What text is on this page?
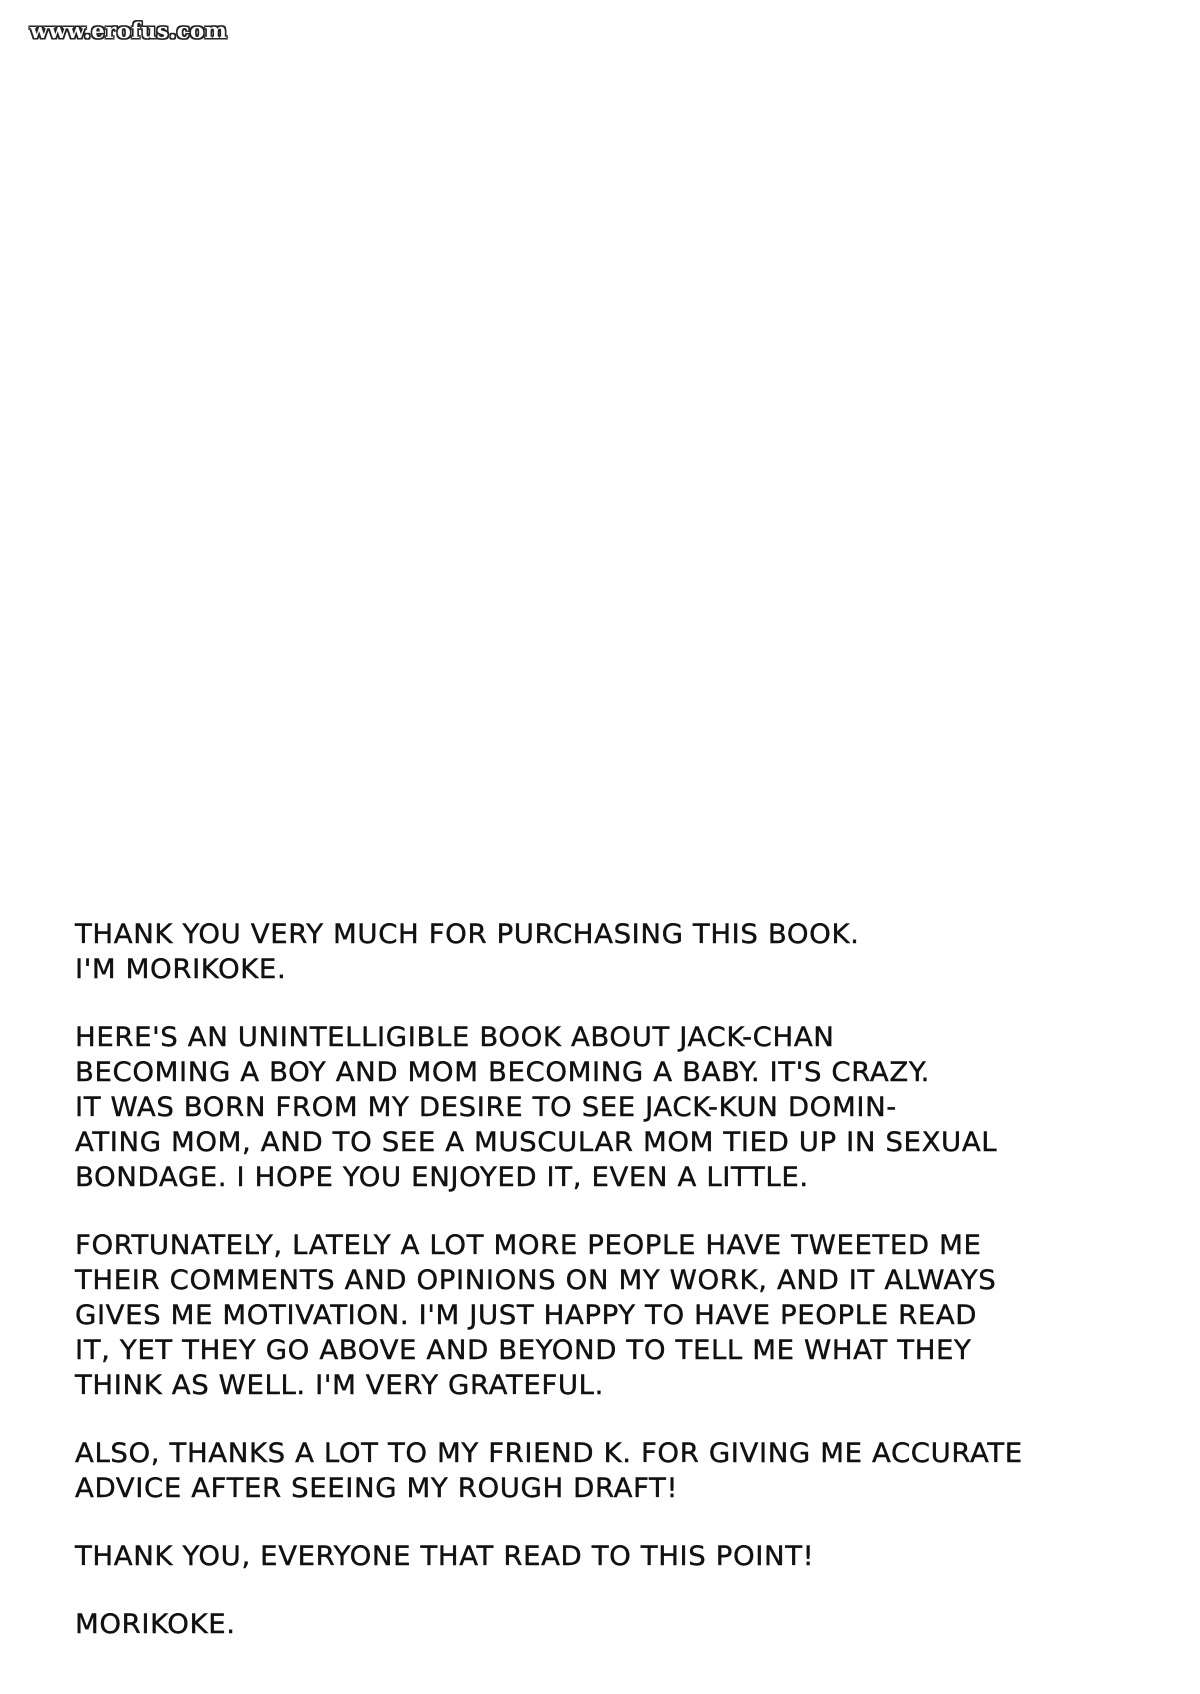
www.erofus.com
THANK YOU VERY MUCH FOR PURCHASING THIS BOOK.
I'M MORIKOKE.
HERE'S AN UNINTELLIGIBLE BOOK ABOUT JACK-CHAN
BECOMING A BOY AND MOM BECOMING A BABY. IT'S CRAZY.
IT WAS BORN FROM MY DESIRE TO SEE JACK-KUN DOMIN-
ATING MOM, AND TO SEE A MUSCULAR MOM TIED UP IN SEXUAL
BONDAGE. I HOPE YOU ENJOYED IT, EVEN A LITTLE.
FORTUNATELY, LATELY A LOT MORE PEOPLE HAVE TWEETED ME
THEIR COMMENTS AND OPINIONS ON MY WORK, AND IT ALWAYS
GIVES ME MOTIVATION. I'M JUST HAPPY TO HAVE PEOPLE READ
IT, YET THEY GO ABOVE AND BEYOND TO TELL ME WHAT THEY
THINK AS WELL. I'M VERY GRATEFUL.
ALSO, THANKS A LOT TO MY FRIEND K. FOR GIVING ME ACCURATE
ADVICE AFTER SEEING MY ROUGH DRAFT!
THANK YOU, EVERYONE THAT READ TO THIS POINT!
MORIKOKE.
